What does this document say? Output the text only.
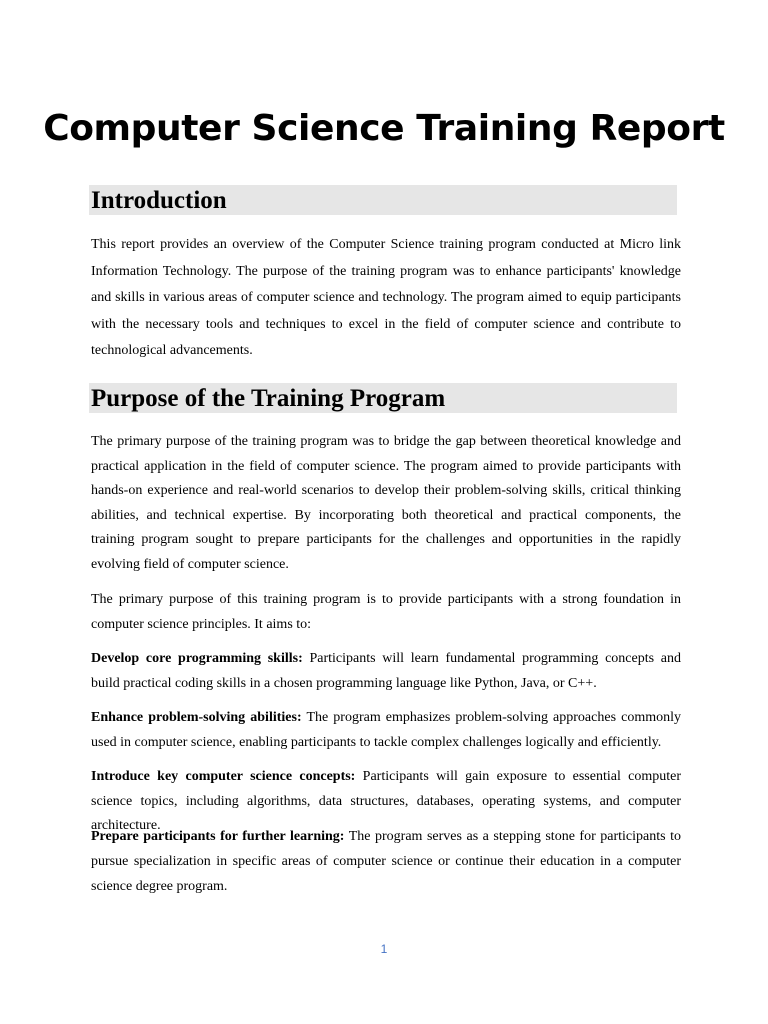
Computer Science Training Report
Introduction

This report provides an overview of the Computer Science training program conducted at Micro link Information Technology. The purpose of the training program was to enhance participants' knowledge and skills in various areas of computer science and technology. The program aimed to equip participants with the necessary tools and techniques to excel in the field of computer science and contribute to technological advancements.

Purpose of the Training Program

The primary purpose of the training program was to bridge the gap between theoretical knowledge and practical application in the field of computer science. The program aimed to provide participants with hands-on experience and real-world scenarios to develop their problem-solving skills, critical thinking abilities, and technical expertise. By incorporating both theoretical and practical components, the training program sought to prepare participants for the challenges and opportunities in the rapidly evolving field of computer science.

The primary purpose of this training program is to provide participants with a strong foundation in computer science principles. It aims to:

Develop core programming skills: Participants will learn fundamental programming concepts and build practical coding skills in a chosen programming language like Python, Java, or C++.

Enhance problem-solving abilities: The program emphasizes problem-solving approaches commonly used in computer science, enabling participants to tackle complex challenges logically and efficiently.

Introduce key computer science concepts: Participants will gain exposure to essential computer science topics, including algorithms, data structures, databases, operating systems, and computer architecture.

Prepare participants for further learning: The program serves as a stepping stone for participants to pursue specialization in specific areas of computer science or continue their education in a computer science degree program.

1
